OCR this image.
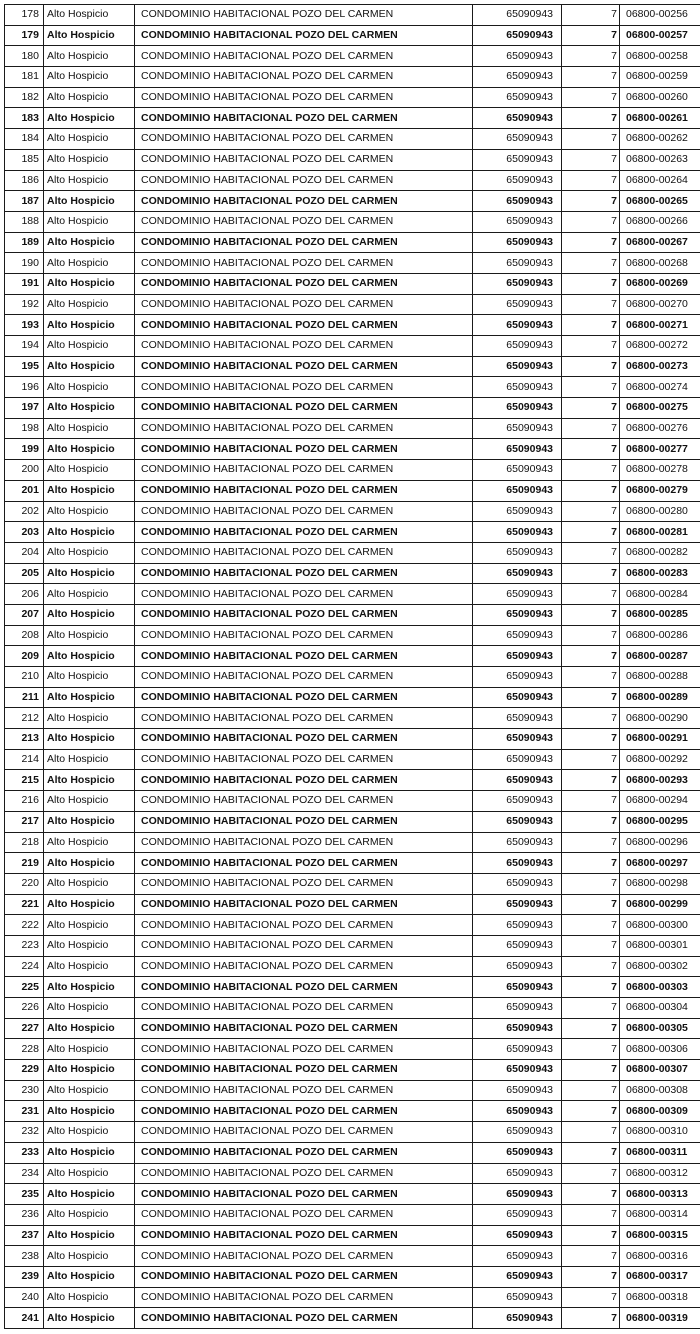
178	Alto Hospicio	CONDOMINIO HABITACIONAL POZO DEL CARMEN	65090943	7	06800-00256
179	Alto Hospicio	CONDOMINIO HABITACIONAL POZO DEL CARMEN	65090943	7	06800-00257
180	Alto Hospicio	CONDOMINIO HABITACIONAL POZO DEL CARMEN	65090943	7	06800-00258
181	Alto Hospicio	CONDOMINIO HABITACIONAL POZO DEL CARMEN	65090943	7	06800-00259
182	Alto Hospicio	CONDOMINIO HABITACIONAL POZO DEL CARMEN	65090943	7	06800-00260
183	Alto Hospicio	CONDOMINIO HABITACIONAL POZO DEL CARMEN	65090943	7	06800-00261
184	Alto Hospicio	CONDOMINIO HABITACIONAL POZO DEL CARMEN	65090943	7	06800-00262
185	Alto Hospicio	CONDOMINIO HABITACIONAL POZO DEL CARMEN	65090943	7	06800-00263
186	Alto Hospicio	CONDOMINIO HABITACIONAL POZO DEL CARMEN	65090943	7	06800-00264
187	Alto Hospicio	CONDOMINIO HABITACIONAL POZO DEL CARMEN	65090943	7	06800-00265
188	Alto Hospicio	CONDOMINIO HABITACIONAL POZO DEL CARMEN	65090943	7	06800-00266
189	Alto Hospicio	CONDOMINIO HABITACIONAL POZO DEL CARMEN	65090943	7	06800-00267
190	Alto Hospicio	CONDOMINIO HABITACIONAL POZO DEL CARMEN	65090943	7	06800-00268
191	Alto Hospicio	CONDOMINIO HABITACIONAL POZO DEL CARMEN	65090943	7	06800-00269
192	Alto Hospicio	CONDOMINIO HABITACIONAL POZO DEL CARMEN	65090943	7	06800-00270
193	Alto Hospicio	CONDOMINIO HABITACIONAL POZO DEL CARMEN	65090943	7	06800-00271
194	Alto Hospicio	CONDOMINIO HABITACIONAL POZO DEL CARMEN	65090943	7	06800-00272
195	Alto Hospicio	CONDOMINIO HABITACIONAL POZO DEL CARMEN	65090943	7	06800-00273
196	Alto Hospicio	CONDOMINIO HABITACIONAL POZO DEL CARMEN	65090943	7	06800-00274
197	Alto Hospicio	CONDOMINIO HABITACIONAL POZO DEL CARMEN	65090943	7	06800-00275
198	Alto Hospicio	CONDOMINIO HABITACIONAL POZO DEL CARMEN	65090943	7	06800-00276
199	Alto Hospicio	CONDOMINIO HABITACIONAL POZO DEL CARMEN	65090943	7	06800-00277
200	Alto Hospicio	CONDOMINIO HABITACIONAL POZO DEL CARMEN	65090943	7	06800-00278
201	Alto Hospicio	CONDOMINIO HABITACIONAL POZO DEL CARMEN	65090943	7	06800-00279
202	Alto Hospicio	CONDOMINIO HABITACIONAL POZO DEL CARMEN	65090943	7	06800-00280
203	Alto Hospicio	CONDOMINIO HABITACIONAL POZO DEL CARMEN	65090943	7	06800-00281
204	Alto Hospicio	CONDOMINIO HABITACIONAL POZO DEL CARMEN	65090943	7	06800-00282
205	Alto Hospicio	CONDOMINIO HABITACIONAL POZO DEL CARMEN	65090943	7	06800-00283
206	Alto Hospicio	CONDOMINIO HABITACIONAL POZO DEL CARMEN	65090943	7	06800-00284
207	Alto Hospicio	CONDOMINIO HABITACIONAL POZO DEL CARMEN	65090943	7	06800-00285
208	Alto Hospicio	CONDOMINIO HABITACIONAL POZO DEL CARMEN	65090943	7	06800-00286
209	Alto Hospicio	CONDOMINIO HABITACIONAL POZO DEL CARMEN	65090943	7	06800-00287
210	Alto Hospicio	CONDOMINIO HABITACIONAL POZO DEL CARMEN	65090943	7	06800-00288
211	Alto Hospicio	CONDOMINIO HABITACIONAL POZO DEL CARMEN	65090943	7	06800-00289
212	Alto Hospicio	CONDOMINIO HABITACIONAL POZO DEL CARMEN	65090943	7	06800-00290
213	Alto Hospicio	CONDOMINIO HABITACIONAL POZO DEL CARMEN	65090943	7	06800-00291
214	Alto Hospicio	CONDOMINIO HABITACIONAL POZO DEL CARMEN	65090943	7	06800-00292
215	Alto Hospicio	CONDOMINIO HABITACIONAL POZO DEL CARMEN	65090943	7	06800-00293
216	Alto Hospicio	CONDOMINIO HABITACIONAL POZO DEL CARMEN	65090943	7	06800-00294
217	Alto Hospicio	CONDOMINIO HABITACIONAL POZO DEL CARMEN	65090943	7	06800-00295
218	Alto Hospicio	CONDOMINIO HABITACIONAL POZO DEL CARMEN	65090943	7	06800-00296
219	Alto Hospicio	CONDOMINIO HABITACIONAL POZO DEL CARMEN	65090943	7	06800-00297
220	Alto Hospicio	CONDOMINIO HABITACIONAL POZO DEL CARMEN	65090943	7	06800-00298
221	Alto Hospicio	CONDOMINIO HABITACIONAL POZO DEL CARMEN	65090943	7	06800-00299
222	Alto Hospicio	CONDOMINIO HABITACIONAL POZO DEL CARMEN	65090943	7	06800-00300
223	Alto Hospicio	CONDOMINIO HABITACIONAL POZO DEL CARMEN	65090943	7	06800-00301
224	Alto Hospicio	CONDOMINIO HABITACIONAL POZO DEL CARMEN	65090943	7	06800-00302
225	Alto Hospicio	CONDOMINIO HABITACIONAL POZO DEL CARMEN	65090943	7	06800-00303
226	Alto Hospicio	CONDOMINIO HABITACIONAL POZO DEL CARMEN	65090943	7	06800-00304
227	Alto Hospicio	CONDOMINIO HABITACIONAL POZO DEL CARMEN	65090943	7	06800-00305
228	Alto Hospicio	CONDOMINIO HABITACIONAL POZO DEL CARMEN	65090943	7	06800-00306
229	Alto Hospicio	CONDOMINIO HABITACIONAL POZO DEL CARMEN	65090943	7	06800-00307
230	Alto Hospicio	CONDOMINIO HABITACIONAL POZO DEL CARMEN	65090943	7	06800-00308
231	Alto Hospicio	CONDOMINIO HABITACIONAL POZO DEL CARMEN	65090943	7	06800-00309
232	Alto Hospicio	CONDOMINIO HABITACIONAL POZO DEL CARMEN	65090943	7	06800-00310
233	Alto Hospicio	CONDOMINIO HABITACIONAL POZO DEL CARMEN	65090943	7	06800-00311
234	Alto Hospicio	CONDOMINIO HABITACIONAL POZO DEL CARMEN	65090943	7	06800-00312
235	Alto Hospicio	CONDOMINIO HABITACIONAL POZO DEL CARMEN	65090943	7	06800-00313
236	Alto Hospicio	CONDOMINIO HABITACIONAL POZO DEL CARMEN	65090943	7	06800-00314
237	Alto Hospicio	CONDOMINIO HABITACIONAL POZO DEL CARMEN	65090943	7	06800-00315
238	Alto Hospicio	CONDOMINIO HABITACIONAL POZO DEL CARMEN	65090943	7	06800-00316
239	Alto Hospicio	CONDOMINIO HABITACIONAL POZO DEL CARMEN	65090943	7	06800-00317
240	Alto Hospicio	CONDOMINIO HABITACIONAL POZO DEL CARMEN	65090943	7	06800-00318
241	Alto Hospicio	CONDOMINIO HABITACIONAL POZO DEL CARMEN	65090943	7	06800-00319
